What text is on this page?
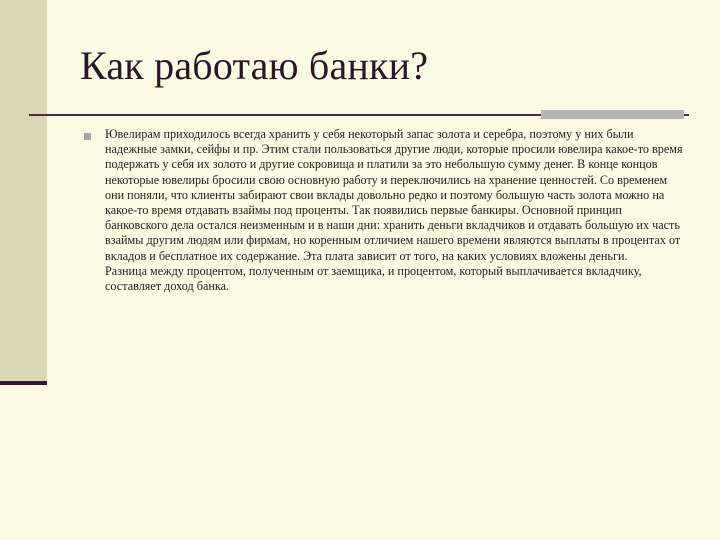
Как работаю банки?

Ювелирам приходилось всегда хранить у себя некоторый запас золота и серебра, поэтому у них были надежные замки, сейфы и пр. Этим стали пользоваться другие люди, которые просили ювелира какое-то время подержать у себя их золото и другие сокровища и платили за это небольшую сумму денег. В конце концов некоторые ювелиры бросили свою основную работу и переключились на хранение ценностей. Со временем они поняли, что клиенты забирают свои вклады довольно редко и поэтому большую часть золота можно на какое-то время отдавать взаймы под проценты. Так появились первые банкиры. Основной принцип банковского дела остался неизменным и в наши дни: хранить деньги вкладчиков и отдавать большую их часть взаймы другим людям или фирмам, но коренным отличием нашего времени являются выплаты в процентах от вкладов и бесплатное их содержание. Эта плата зависит от того, на каких условиях вложены деньги.

Разница между процентом, полученным от заемщика, и процентом, который выплачивается вкладчику, составляет доход банка.
